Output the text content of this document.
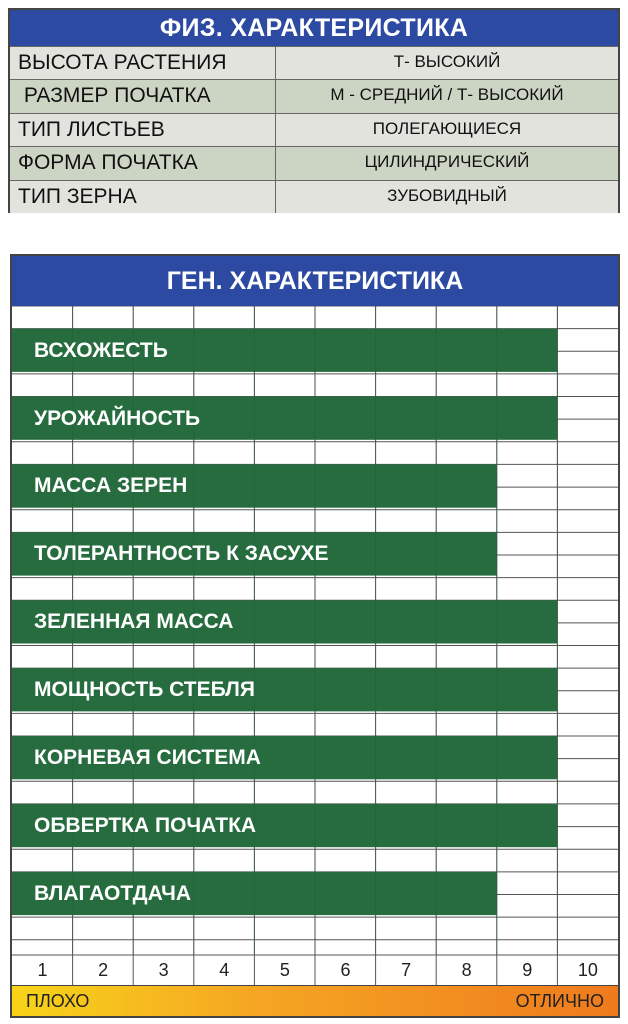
ФИЗ. ХАРАКТЕРИСТИКА
ВЫСОТА РАСТЕНИЯ	Т- ВЫСОКИЙ
РАЗМЕР ПОЧАТКА	М - СРЕДНИЙ / Т- ВЫСОКИЙ
ТИП ЛИСТЬЕВ	ПОЛЕГАЮЩИЕСЯ
ФОРМА ПОЧАТКА	ЦИЛИНДРИЧЕСКИЙ
ТИП ЗЕРНА	ЗУБОВИДНЫЙ
ГЕН. ХАРАКТЕРИСТИКА
ВСХОЖЕСТЬ
УРОЖАЙНОСТЬ
МАССА ЗЕРЕН
ТОЛЕРАНТНОСТЬ К ЗАСУХЕ
ЗЕЛЕННАЯ МАССА
МОЩНОСТЬ СТЕБЛЯ
КОРНЕВАЯ СИСТЕМА
ОБВЕРТКА ПОЧАТКА
ВЛАГАОТДАЧА
1	2	3	4	5	6	7	8	9	10
ПЛОХО	ОТЛИЧНО
